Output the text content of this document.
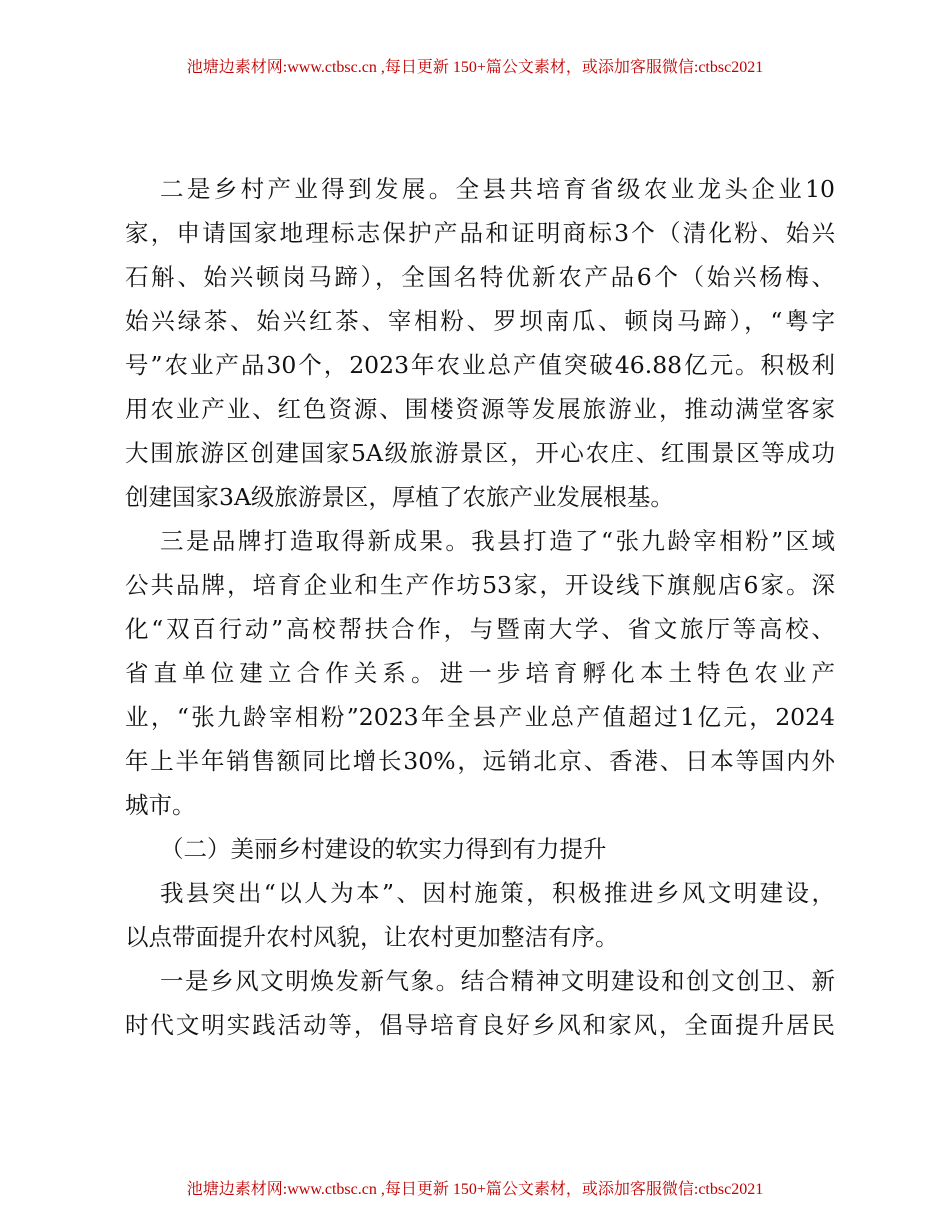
池塘边素材网:www.ctbsc.cn ,每日更新 150+篇公文素材，或添加客服微信:ctbsc2021
二是乡村产业得到发展。全县共培育省级农业龙头企业10
家，申请国家地理标志保护产品和证明商标3个（清化粉、始兴
石斛、始兴顿岗马蹄），全国名特优新农产品6个（始兴杨梅、
始兴绿茶、始兴红茶、宰相粉、罗坝南瓜、顿岗马蹄），“粤字
号”农业产品30个，2023年农业总产值突破46.88亿元。积极利
用农业产业、红色资源、围楼资源等发展旅游业，推动满堂客家
大围旅游区创建国家5A级旅游景区，开心农庄、红围景区等成功
创建国家3A级旅游景区，厚植了农旅产业发展根基。
三是品牌打造取得新成果。我县打造了“张九龄宰相粉”区域
公共品牌，培育企业和生产作坊53家，开设线下旗舰店6家。深
化“双百行动”高校帮扶合作，与暨南大学、省文旅厅等高校、
省直单位建立合作关系。进一步培育孵化本土特色农业产
业，“张九龄宰相粉”2023年全县产业总产值超过1亿元，2024
年上半年销售额同比增长30%，远销北京、香港、日本等国内外
城市。
（二）美丽乡村建设的软实力得到有力提升
我县突出“以人为本”、因村施策，积极推进乡风文明建设，
以点带面提升农村风貌，让农村更加整洁有序。
一是乡风文明焕发新气象。结合精神文明建设和创文创卫、新
时代文明实践活动等，倡导培育良好乡风和家风，全面提升居民
池塘边素材网:www.ctbsc.cn ,每日更新 150+篇公文素材，或添加客服微信:ctbsc2021
